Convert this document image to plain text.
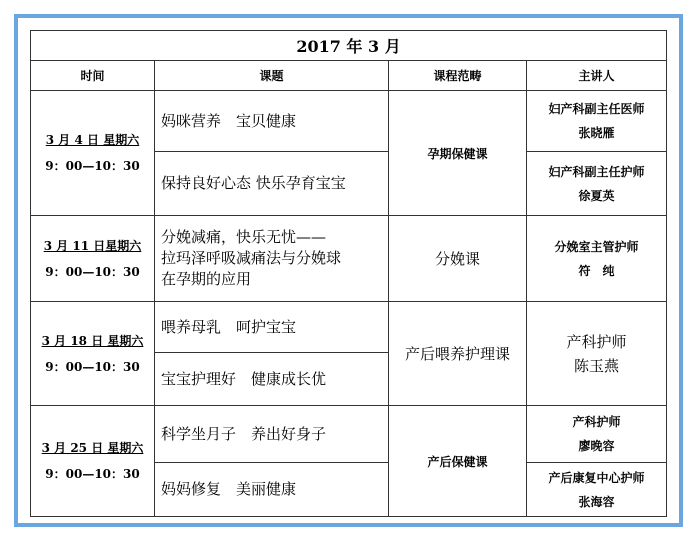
2017 年 3 月			
时间	课题	课程范畴	主讲人

3 月 4 日 星期六
9：00—10：30	妈咪营养　宝贝健康	孕期保健课	妇产科副主任医师
张晓雁

	保持良好心态 快乐孕育宝宝		妇产科副主任护师
徐夏英

3 月 11 日星期六
9：00—10：30	分娩减痛，快乐无忧——
拉玛泽呼吸减痛法与分娩球
在孕期的应用	分娩课	分娩室主管护师
符　纯

3 月 18 日 星期六
9：00—10：30	喂养母乳　呵护宝宝	产后喂养护理课	产科护师
陈玉燕

	宝宝护理好　健康成长优		

3 月 25 日 星期六
9：00—10：30	科学坐月子　养出好身子	产后保健课	产科护师
廖晚容

	妈妈修复　美丽健康		产后康复中心护师
张海容
